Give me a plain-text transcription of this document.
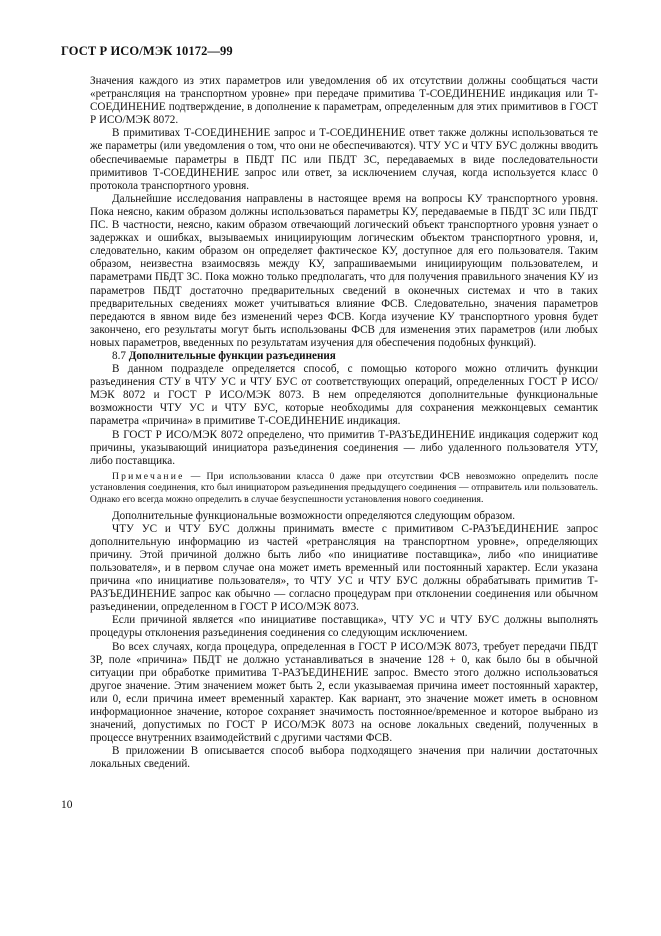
ГОСТ Р ИСО/МЭК 10172—99

Значения каждого из этих параметров или уведомления об их отсутствии должны сообщаться части «ретрансляция на транспортном уровне» при передаче примитива Т-СОЕДИНЕНИЕ индикация или Т-СОЕДИНЕНИЕ подтверждение, в дополнение к параметрам, определенным для этих примитивов в ГОСТ Р ИСО/МЭК 8072.

В примитивах Т-СОЕДИНЕНИЕ запрос и Т-СОЕДИНЕНИЕ ответ также должны использоваться те же параметры (или уведомления о том, что они не обеспечиваются). ЧТУ УС и ЧТУ БУС должны вводить обеспечиваемые параметры в ПБДТ ПС или ПБДТ ЗС, передаваемых в виде последовательности примитивов Т-СОЕДИНЕНИЕ запрос или ответ, за исключением случая, когда используется класс 0 протокола транспортного уровня.

Дальнейшие исследования направлены в настоящее время на вопросы КУ транспортного уровня. Пока неясно, каким образом должны использоваться параметры КУ, передаваемые в ПБДТ ЗС или ПБДТ ПС. В частности, неясно, каким образом отвечающий логический объект транспортного уровня узнает о задержках и ошибках, вызываемых инициирующим логическим объектом транспортного уровня, и, следовательно, каким образом он определяет фактическое КУ, доступное для его пользователя. Таким образом, неизвестна взаимосвязь между КУ, запрашиваемыми инициирующим пользователем, и параметрами ПБДТ ЗС. Пока можно только предполагать, что для получения правильного значения КУ из параметров ПБДТ достаточно предварительных сведений в оконечных системах и что в таких предварительных сведениях может учитываться влияние ФСВ. Следовательно, значения параметров передаются в явном виде без изменений через ФСВ. Когда изучение КУ транспортного уровня будет закончено, его результаты могут быть использованы ФСВ для изменения этих параметров (или любых новых параметров, введенных по результатам изучения для обеспечения подобных функций).

8.7 Дополнительные функции разъединения

В данном подразделе определяется способ, с помощью которого можно отличить функции разъединения СТУ в ЧТУ УС и ЧТУ БУС от соответствующих операций, определенных ГОСТ Р ИСО/МЭК 8072 и ГОСТ Р ИСО/МЭК 8073. В нем определяются дополнительные функциональные возможности ЧТУ УС и ЧТУ БУС, которые необходимы для сохранения межконцевых семантик параметра «причина» в примитиве Т-СОЕДИНЕНИЕ индикация.

В ГОСТ Р ИСО/МЭК 8072 определено, что примитив Т-РАЗЪЕДИНЕНИЕ индикация содержит код причины, указывающий инициатора разъединения соединения — либо удаленного пользователя УТУ, либо поставщика.

Примечание — При использовании класса 0 даже при отсутствии ФСВ невозможно определить после установления соединения, кто был инициатором разъединения предыдущего соединения — отправитель или пользователь. Однако его всегда можно определить в случае безуспешности установления нового соединения.

Дополнительные функциональные возможности определяются следующим образом.

ЧТУ УС и ЧТУ БУС должны принимать вместе с примитивом С-РАЗЪЕДИНЕНИЕ запрос дополнительную информацию из частей «ретрансляция на транспортном уровне», определяющих причину. Этой причиной должно быть либо «по инициативе поставщика», либо «по инициативе пользователя», и в первом случае она может иметь временный или постоянный характер. Если указана причина «по инициативе пользователя», то ЧТУ УС и ЧТУ БУС должны обрабатывать примитив Т-РАЗЪЕДИНЕНИЕ запрос как обычно — согласно процедурам при отклонении соединения или обычном разъединении, определенном в ГОСТ Р ИСО/МЭК 8073.

Если причиной является «по инициативе поставщика», ЧТУ УС и ЧТУ БУС должны выполнять процедуры отклонения разъединения соединения со следующим исключением.

Во всех случаях, когда процедура, определенная в ГОСТ Р ИСО/МЭК 8073, требует передачи ПБДТ ЗР, поле «причина» ПБДТ не должно устанавливаться в значение 128 + 0, как было бы в обычной ситуации при обработке примитива Т-РАЗЪЕДИНЕНИЕ запрос. Вместо этого должно использоваться другое значение. Этим значением может быть 2, если указываемая причина имеет постоянный характер, или 0, если причина имеет временный характер. Как вариант, это значение может иметь в основном информационное значение, которое сохраняет значимость постоянное/временное и которое выбрано из значений, допустимых по ГОСТ Р ИСО/МЭК 8073 на основе локальных сведений, полученных в процессе внутренних взаимодействий с другими частями ФСВ.

В приложении В описывается способ выбора подходящего значения при наличии достаточных локальных сведений.

10
